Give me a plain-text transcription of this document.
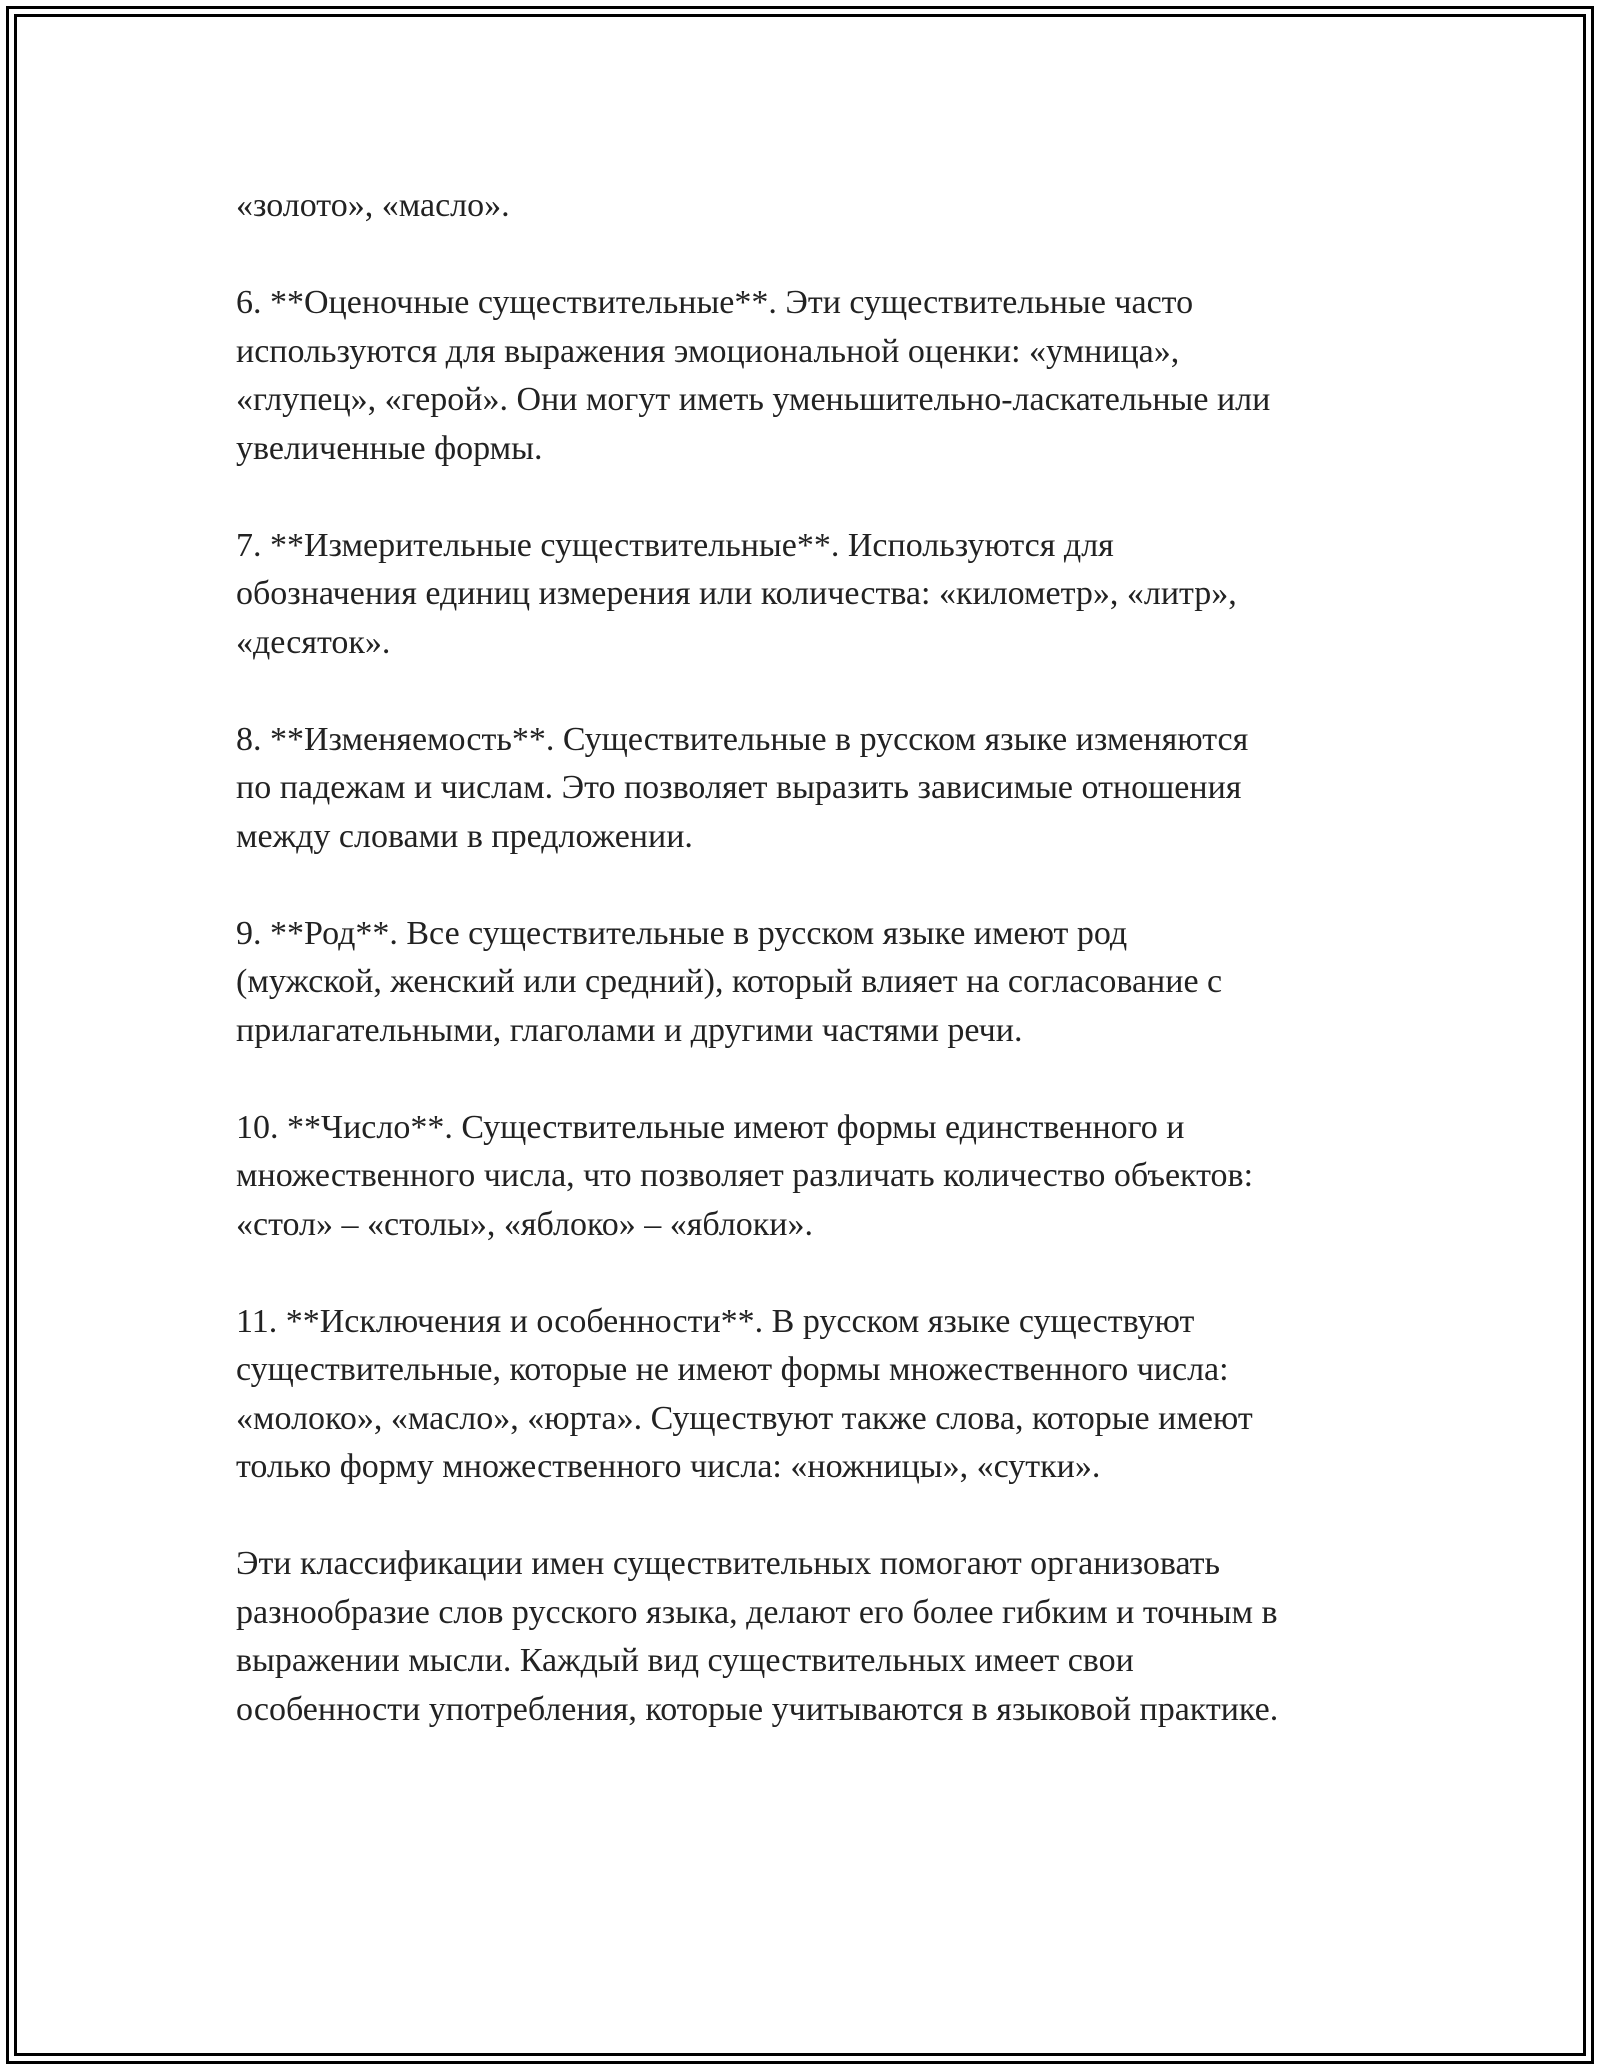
«золото», «масло».

6. **Оценочные существительные**. Эти существительные часто
используются для выражения эмоциональной оценки: «умница»,
«глупец», «герой». Они могут иметь уменьшительно-ласкательные или
увеличенные формы.

7. **Измерительные существительные**. Используются для
обозначения единиц измерения или количества: «километр», «литр»,
«десяток».

8. **Изменяемость**. Существительные в русском языке изменяются
по падежам и числам. Это позволяет выразить зависимые отношения
между словами в предложении.

9. **Род**. Все существительные в русском языке имеют род
(мужской, женский или средний), который влияет на согласование с
прилагательными, глаголами и другими частями речи.

10. **Число**. Существительные имеют формы единственного и
множественного числа, что позволяет различать количество объектов:
«стол» – «столы», «яблоко» – «яблоки».

11. **Исключения и особенности**. В русском языке существуют
существительные, которые не имеют формы множественного числа:
«молоко», «масло», «юрта». Существуют также слова, которые имеют
только форму множественного числа: «ножницы», «сутки».

Эти классификации имен существительных помогают организовать
разнообразие слов русского языка, делают его более гибким и точным в
выражении мысли. Каждый вид существительных имеет свои
особенности употребления, которые учитываются в языковой практике.
